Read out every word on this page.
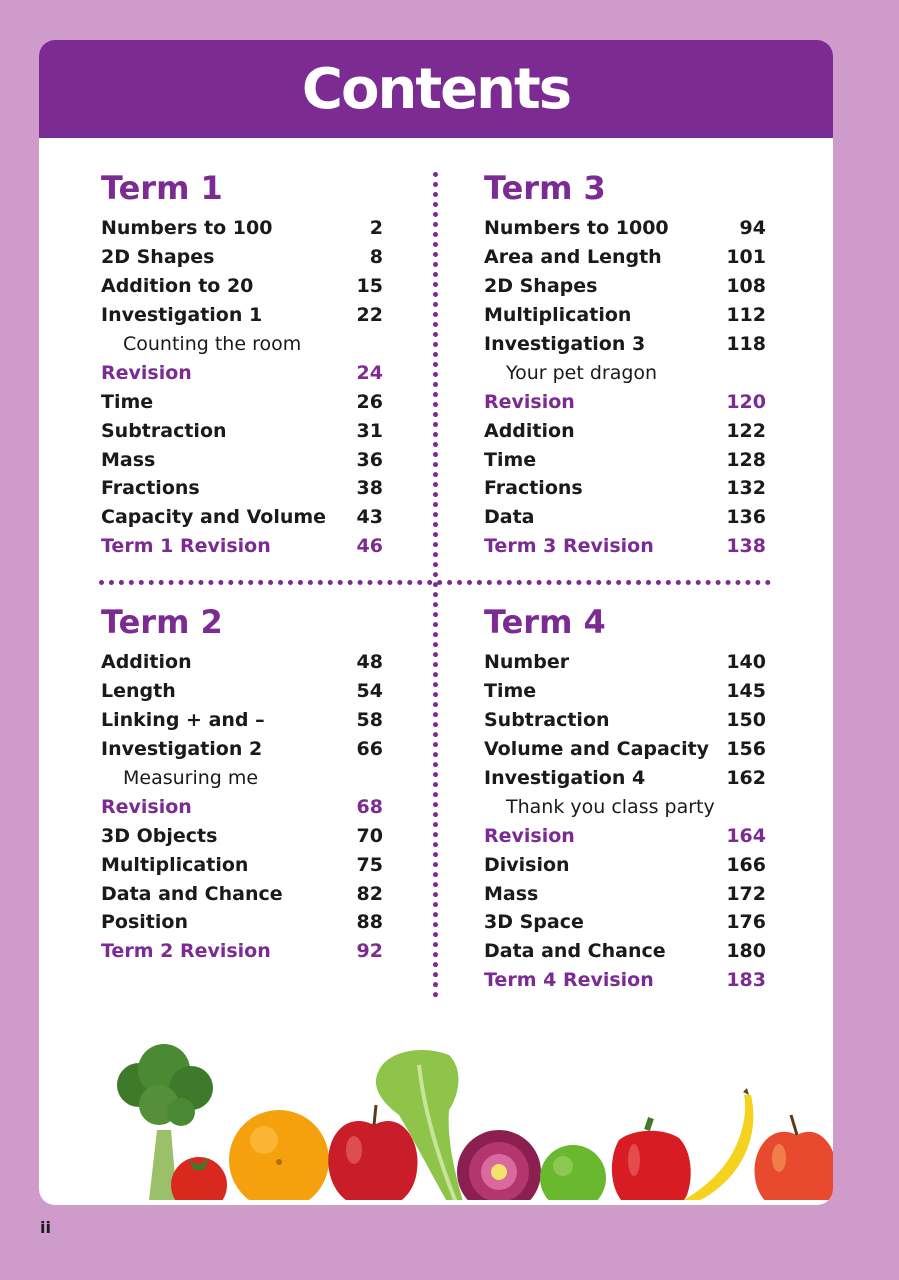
Contents
Term 1
Numbers to 100	2
2D Shapes	8
Addition to 20	15
Investigation 1	22
Counting the room
Revision	24
Time	26
Subtraction	31
Mass	36
Fractions	38
Capacity and Volume 43
Term 1 Revision	46
Term 3
Numbers to 1000	94
Area and Length	101
2D Shapes	108
Multiplication	112
Investigation 3	118
Your pet dragon
Revision	120
Addition	122
Time	128
Fractions	132
Data	136
Term 3 Revision	138
Term 2
Addition	48
Length	54
Linking + and –	58
Investigation 2	66
Measuring me
Revision	68
3D Objects	70
Multiplication	75
Data and Chance	82
Position	88
Term 2 Revision	92
Term 4
Number	140
Time	145
Subtraction	150
Volume and Capacity 156
Investigation 4	162
Thank you class party
Revision	164
Division	166
Mass	172
3D Space	176
Data and Chance	180
Term 4 Revision	183
ii
